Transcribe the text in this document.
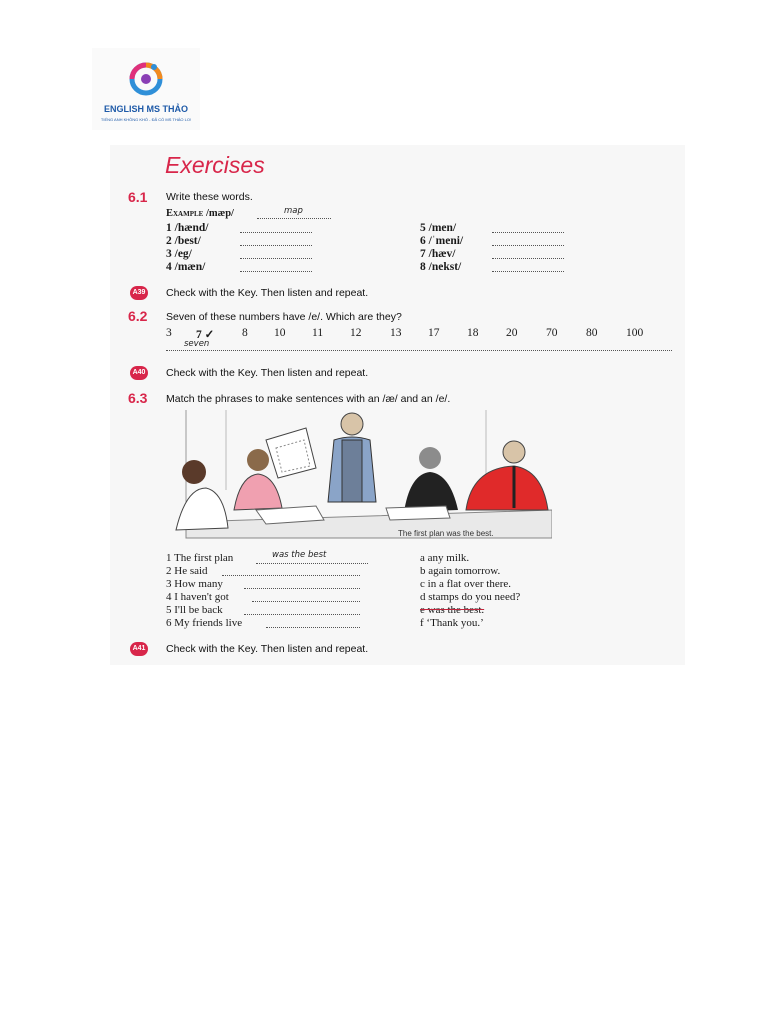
ENGLISH MS THẢO
TIẾNG ANH KHÔNG KHÓ - ĐÃ CÓ MS THẢO LO!
Exercises
6.1 Write these words.
Example /mæp/	map
1 /hænd/
2 /best/
3 /eg/
4 /mæn/
5 /men/
6 /ˈmeni/
7 /hæv/
8 /nekst/
A39 Check with the Key. Then listen and repeat.
6.2 Seven of these numbers have /e/. Which are they?
3 7 ✓ 8 10 11 12 13 17 18 20 70 80 100
seven
A40 Check with the Key. Then listen and repeat.
6.3 Match the phrases to make sentences with an /æ/ and an /e/.
The first plan was the best.
1 The first plan
2 He said
3 How many
4 I haven't got
5 I'll be back
6 My friends live
was the best	a any milk.
b again tomorrow.
c in a flat over there.
d stamps do you need?
e was the best.
f ‘Thank you.’
A41 Check with the Key. Then listen and repeat.
